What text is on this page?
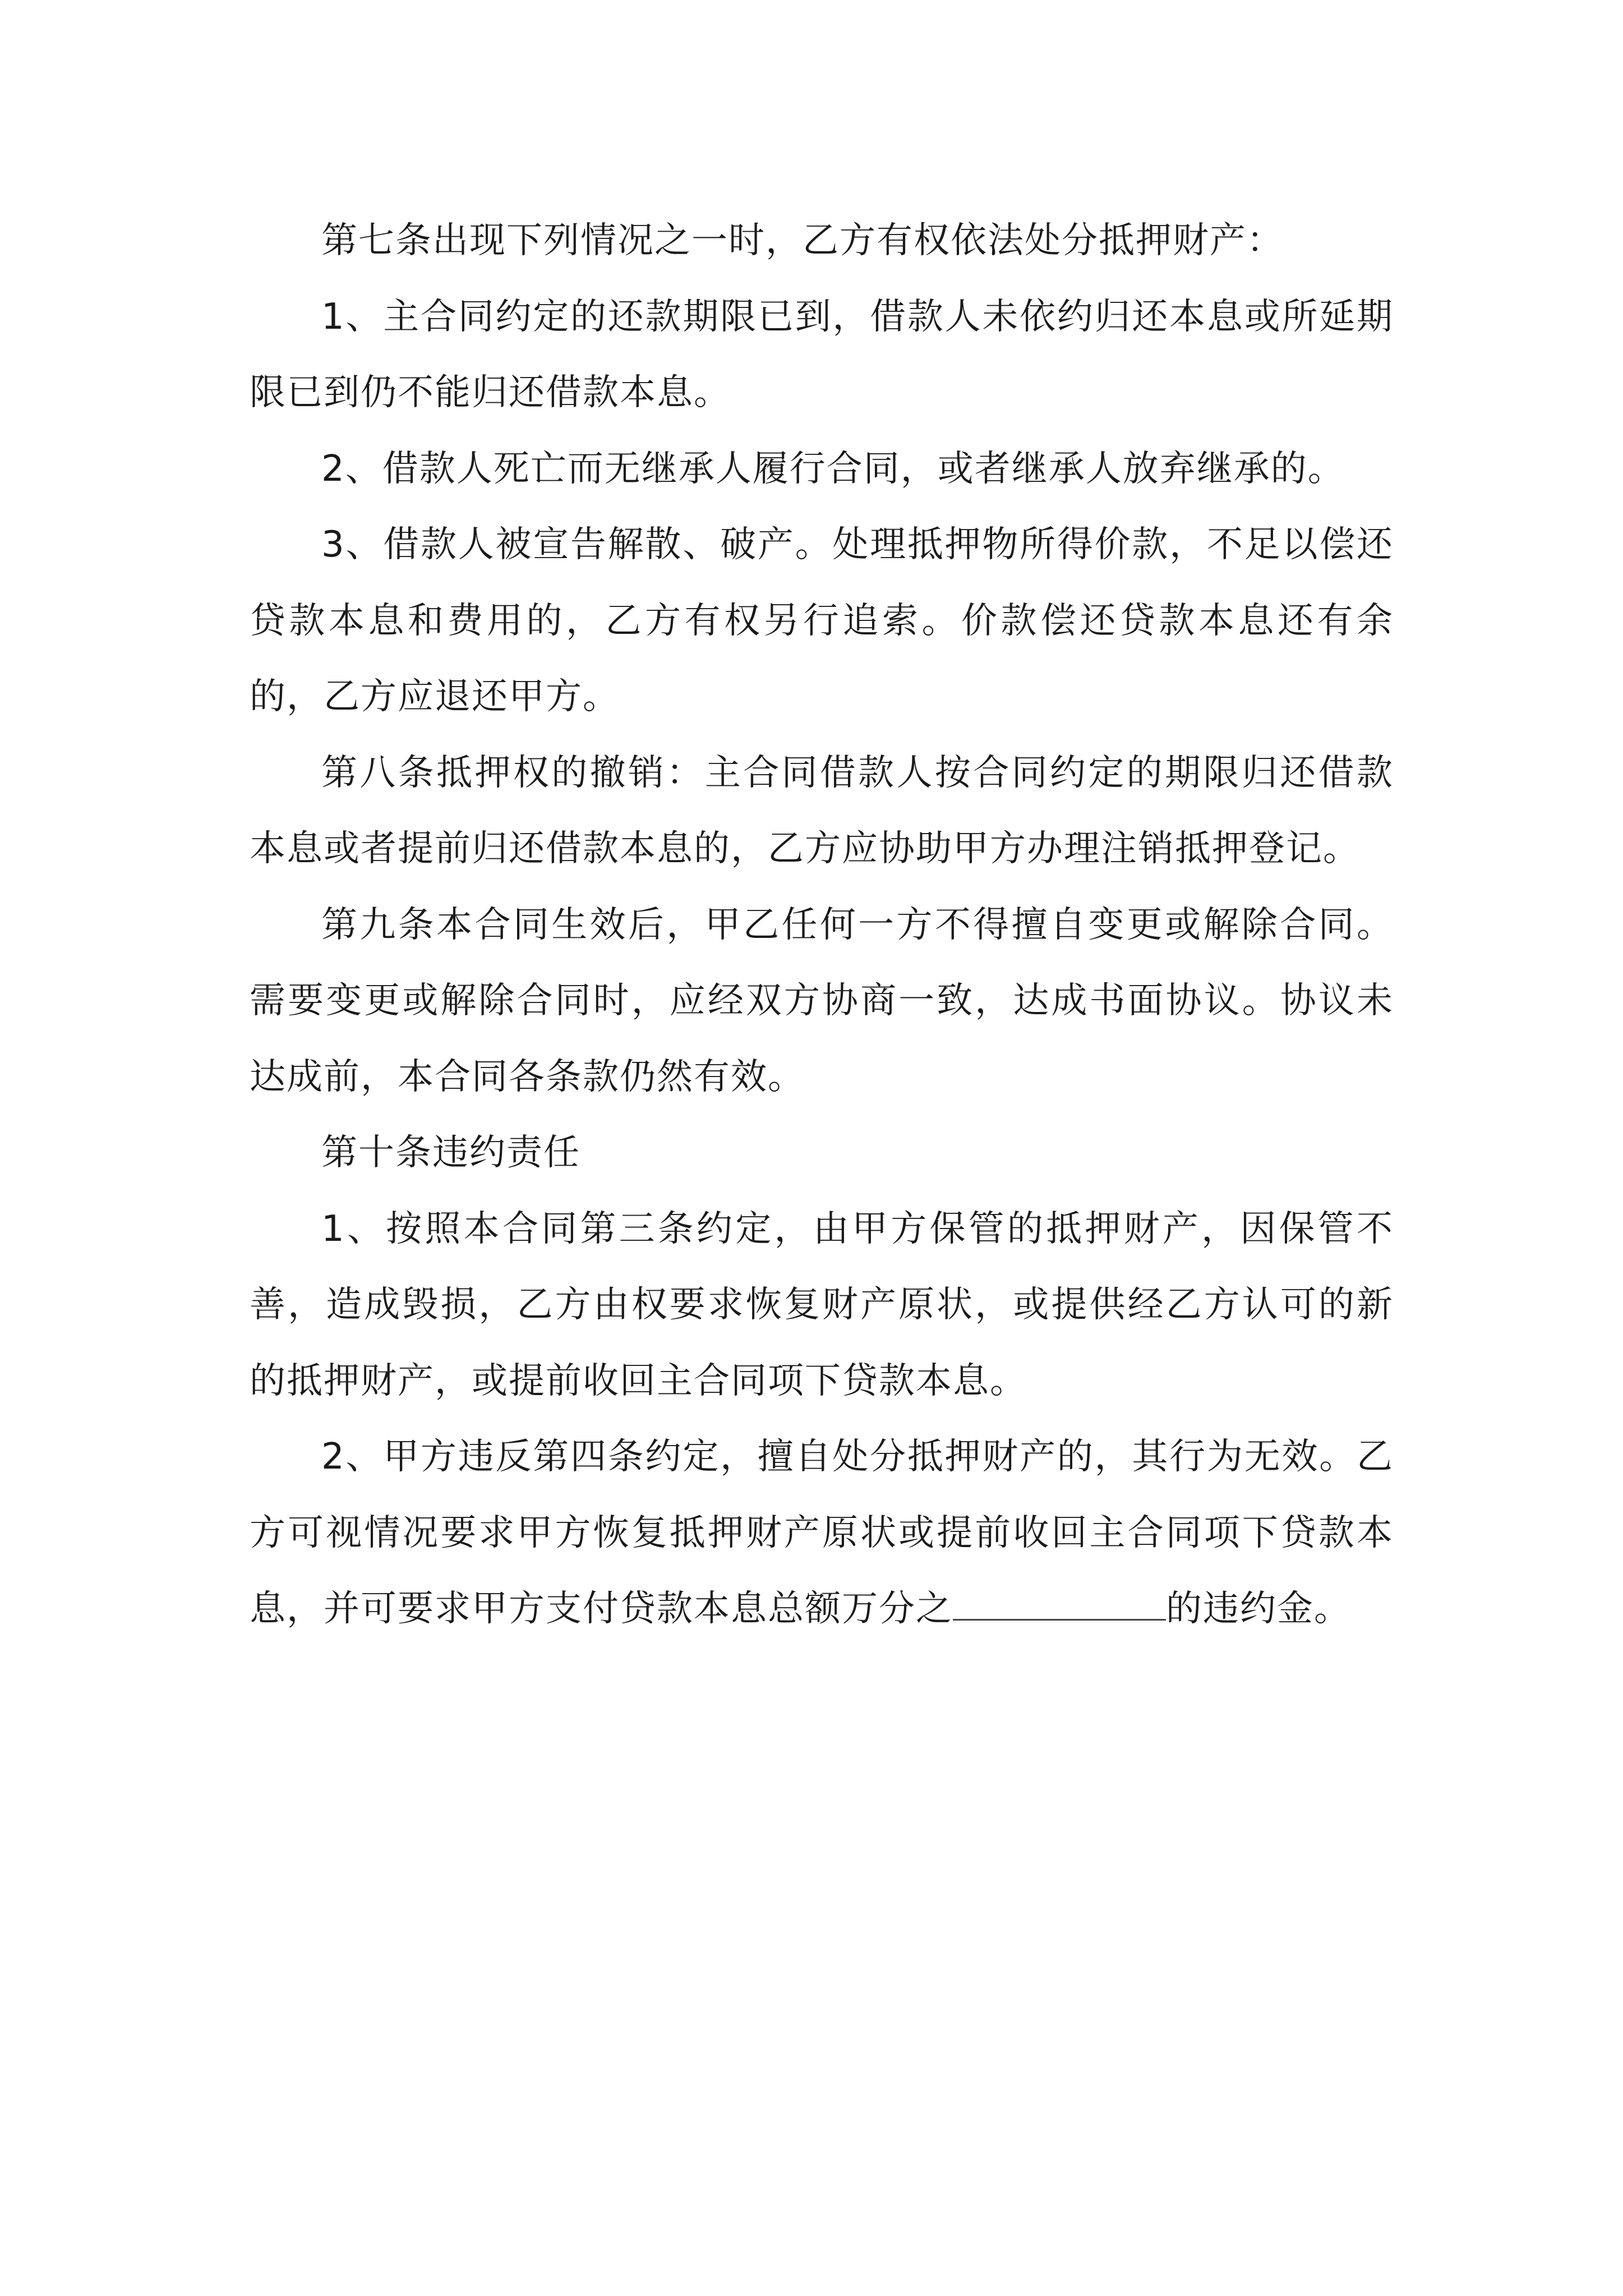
第七条出现下列情况之一时，乙方有权依法处分抵押财产：

1、主合同约定的还款期限已到，借款人未依约归还本息或所延期限已到仍不能归还借款本息。

2、借款人死亡而无继承人履行合同，或者继承人放弃继承的。

3、借款人被宣告解散、破产。处理抵押物所得价款，不足以偿还贷款本息和费用的，乙方有权另行追索。价款偿还贷款本息还有余的，乙方应退还甲方。

第八条抵押权的撤销：主合同借款人按合同约定的期限归还借款本息或者提前归还借款本息的，乙方应协助甲方办理注销抵押登记。

第九条本合同生效后，甲乙任何一方不得擅自变更或解除合同。需要变更或解除合同时，应经双方协商一致，达成书面协议。协议未达成前，本合同各条款仍然有效。

第十条违约责任

1、按照本合同第三条约定，由甲方保管的抵押财产，因保管不善，造成毁损，乙方由权要求恢复财产原状，或提供经乙方认可的新的抵押财产，或提前收回主合同项下贷款本息。

2、甲方违反第四条约定，擅自处分抵押财产的，其行为无效。乙方可视情况要求甲方恢复抵押财产原状或提前收回主合同项下贷款本息，并可要求甲方支付贷款本息总额万分之	的违约金。
